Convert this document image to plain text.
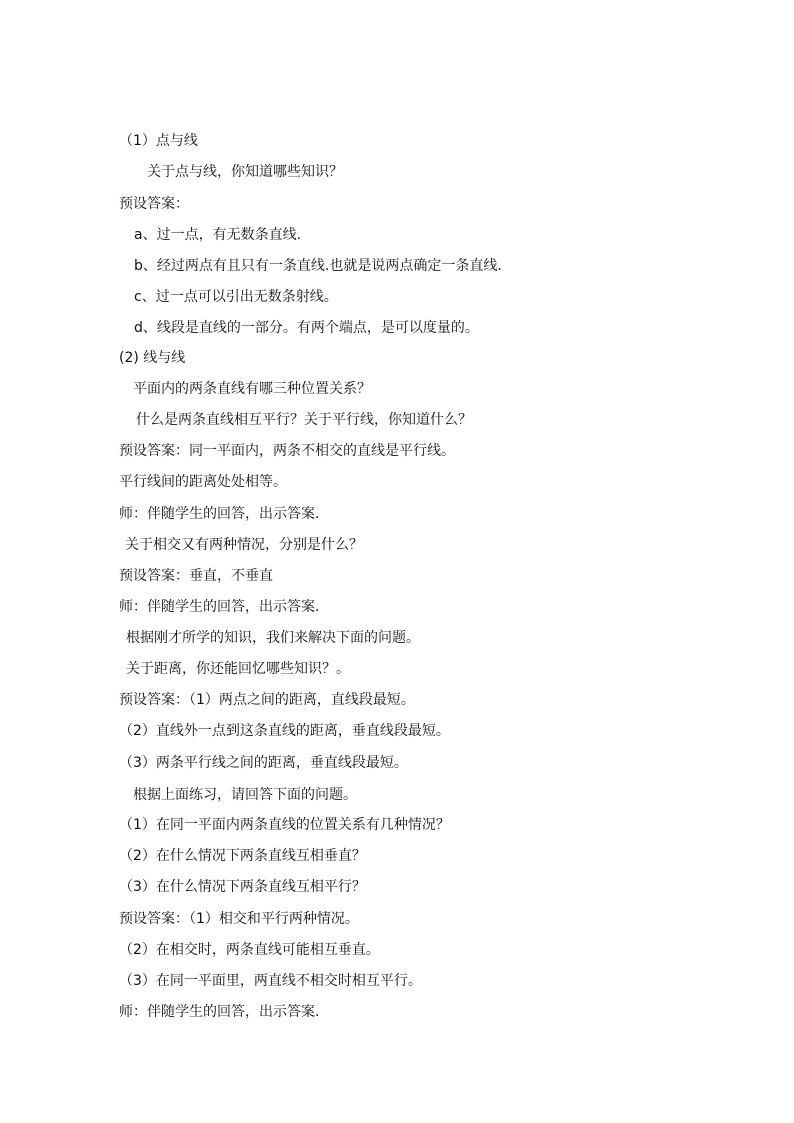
（1）点与线
关于点与线，你知道哪些知识？
预设答案：
a、过一点，有无数条直线.
b、经过两点有且只有一条直线.也就是说两点确定一条直线.
c、过一点可以引出无数条射线。
d、线段是直线的一部分。有两个端点，是可以度量的。
(2) 线与线
平面内的两条直线有哪三种位置关系？
什么是两条直线相互平行？关于平行线，你知道什么？
预设答案：同一平面内，两条不相交的直线是平行线。
平行线间的距离处处相等。
师：伴随学生的回答，出示答案.
关于相交又有两种情况，分别是什么？
预设答案：垂直，不垂直
师：伴随学生的回答，出示答案.
根据刚才所学的知识，我们来解决下面的问题。
关于距离，你还能回忆哪些知识？。
预设答案：（1）两点之间的距离，直线段最短。
（2）直线外一点到这条直线的距离，垂直线段最短。
（3）两条平行线之间的距离，垂直线段最短。
根据上面练习，请回答下面的问题。
（1）在同一平面内两条直线的位置关系有几种情况？
（2）在什么情况下两条直线互相垂直？
（3）在什么情况下两条直线互相平行？
预设答案：（1）相交和平行两种情况。
（2）在相交时，两条直线可能相互垂直。
（3）在同一平面里，两直线不相交时相互平行。
师：伴随学生的回答，出示答案.
